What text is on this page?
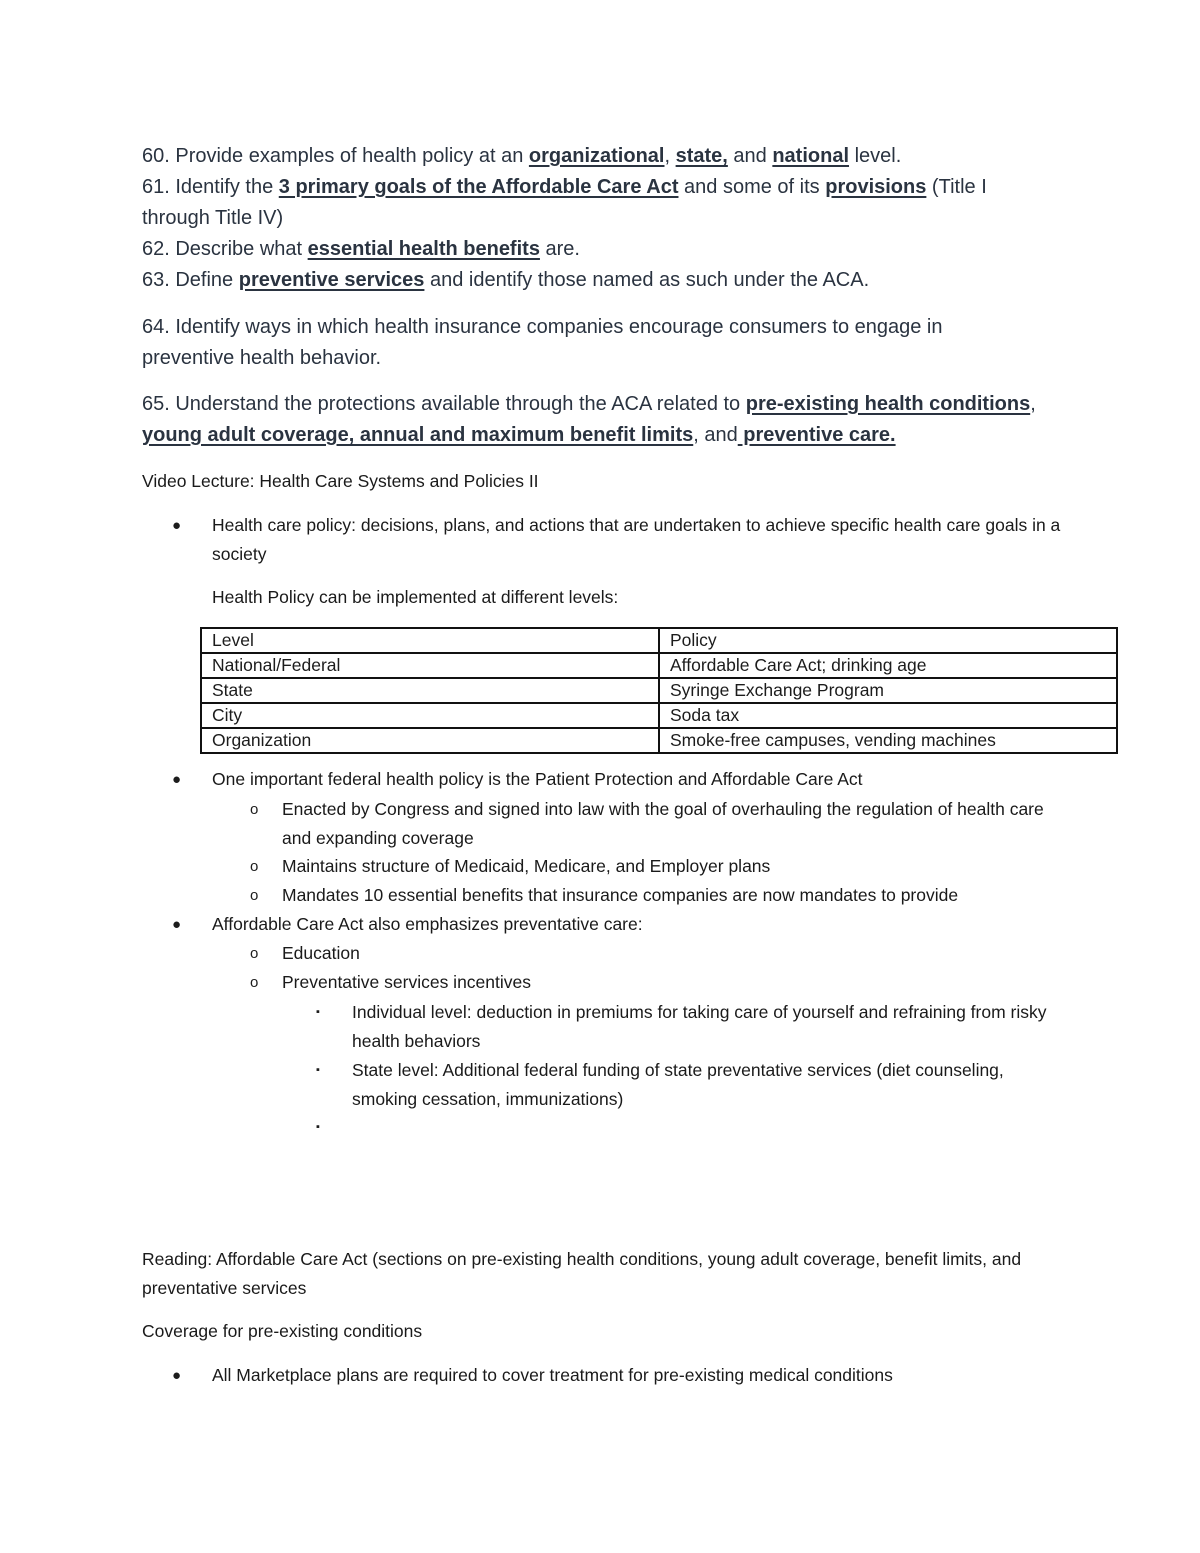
60. Provide examples of health policy at an organizational, state, and national level.
61. Identify the 3 primary goals of the Affordable Care Act and some of its provisions (Title I through Title IV)
62. Describe what essential health benefits are.
63. Define preventive services and identify those named as such under the ACA.
64. Identify ways in which health insurance companies encourage consumers to engage in preventive health behavior.
65. Understand the protections available through the ACA related to pre-existing health conditions, young adult coverage, annual and maximum benefit limits, and preventive care.
Video Lecture: Health Care Systems and Policies II
● Health care policy: decisions, plans, and actions that are undertaken to achieve specific health care goals in a society
Health Policy can be implemented at different levels:
Level	Policy
National/Federal	Affordable Care Act; drinking age
State	Syringe Exchange Program
City	Soda tax
Organization	Smoke-free campuses, vending machines
● One important federal health policy is the Patient Protection and Affordable Care Act
o Enacted by Congress and signed into law with the goal of overhauling the regulation of health care and expanding coverage
o Maintains structure of Medicaid, Medicare, and Employer plans
o Mandates 10 essential benefits that insurance companies are now mandates to provide
● Affordable Care Act also emphasizes preventative care:
o Education
o Preventative services incentives
▪ Individual level: deduction in premiums for taking care of yourself and refraining from risky health behaviors
▪ State level: Additional federal funding of state preventative services (diet counseling, smoking cessation, immunizations)
▪
Reading: Affordable Care Act (sections on pre-existing health conditions, young adult coverage, benefit limits, and preventative services
Coverage for pre-existing conditions
● All Marketplace plans are required to cover treatment for pre-existing medical conditions
